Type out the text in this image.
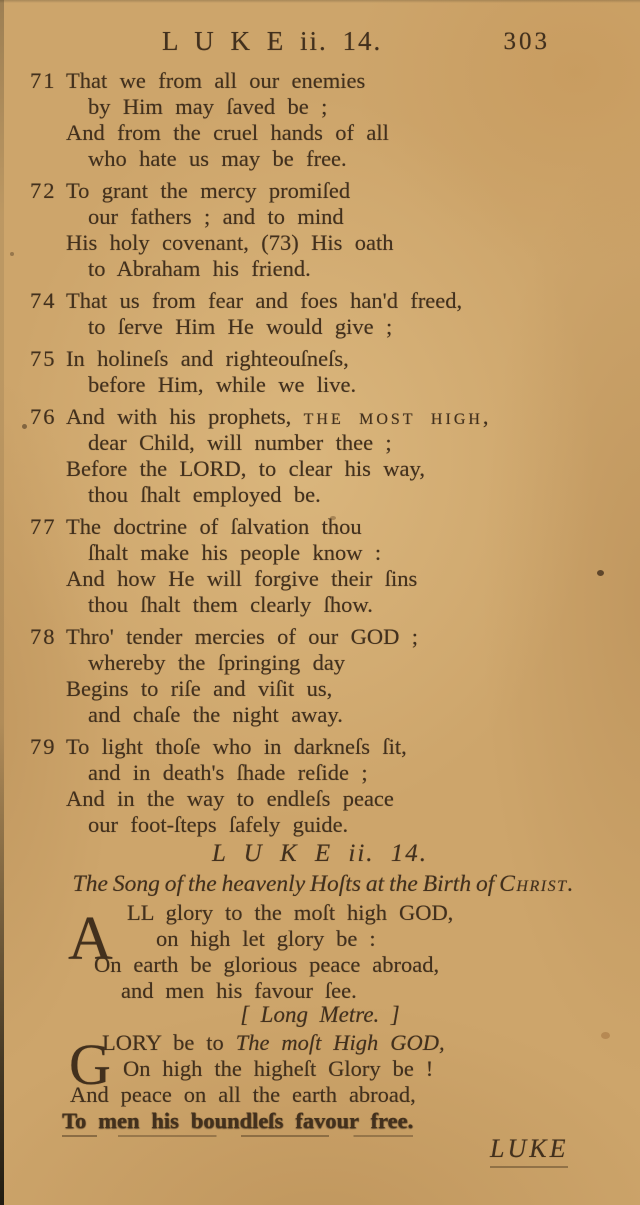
L U K E ii. 14.	303
71 That we from all our enemies
by Him may ſaved be ;
And from the cruel hands of all
who hate us may be free.
72 To grant the mercy promiſed
our fathers ; and to mind
His holy covenant, (73) His oath
to Abraham his friend.
74 That us from fear and foes han'd freed,
to ſerve Him He would give ;
75 In holineſs and righteouſneſs,
before Him, while we live.
76 And with his prophets, the most high,
dear Child, will number thee ;
Before the LORD, to clear his way,
thou ſhalt employed be.
77 The doctrine of ſalvation thou
ſhalt make his people know :
And how He will forgive their ſins
thou ſhalt them clearly ſhow.
78 Thro' tender mercies of our GOD ;
whereby the ſpringing day
Begins to riſe and viſit us,
and chaſe the night away.
79 To light thoſe who in darkneſs ſit,
and in death's ſhade reſide ;
And in the way to endleſs peace
our foot-ſteps ſafely guide.
L U K E ii. 14.
The Song of the heavenly Hoſts at the Birth of Christ.
A LL glory to the moſt high GOD,
on high let glory be :
On earth be glorious peace abroad,
and men his favour ſee.
[ Long Metre. ]
G
LORY be to The moſt High GOD,
On high the higheſt Glory be !
And peace on all the earth abroad,
To men his boundleſs favour free.
LUKE
